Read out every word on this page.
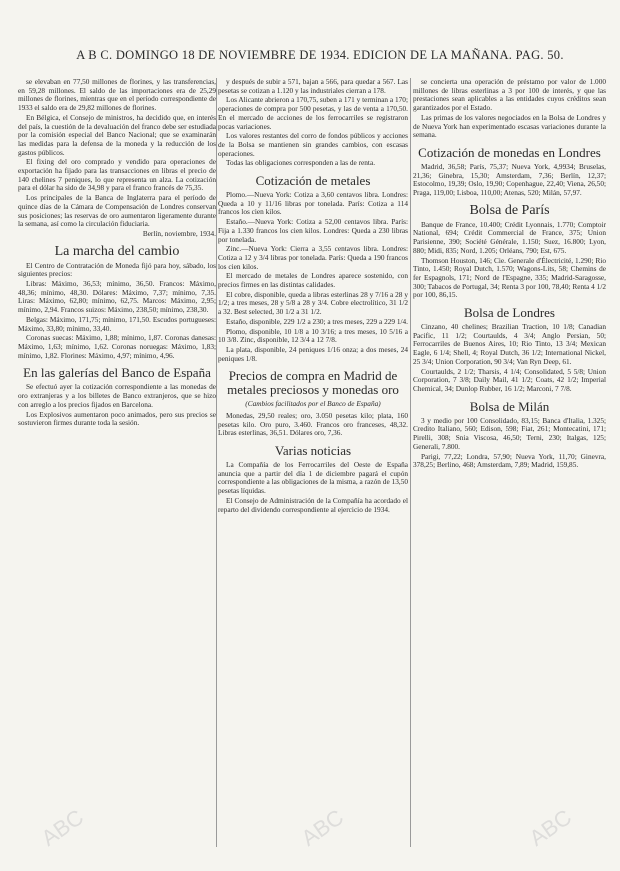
A B C. DOMINGO 18 DE NOVIEMBRE DE 1934. EDICION DE LA MAÑANA. PAG. 50.

se elevaban en 77,50 millones de florines, y las transferencias, en 59,28 millones. El saldo de las importaciones era de 25,29 millones de florines, mientras que en el período correspondiente de 1933 el saldo era de 29,82 millones de florines.

En Bélgica, el Consejo de ministros, ha decidido que, en interés del país, la cuestión de la devaluación del franco debe ser estudiada por la comisión especial del Banco Nacional; que se examinarán las medidas para la defensa de la moneda y la reducción de los gastos públicos.

El fixing del oro comprado y vendido para operaciones de exportación ha fijado para las transacciones en libras el precio de 140 chelines 7 peniques, lo que representa un alza. La cotización para el dólar ha sido de 34,98 y para el franco francés de 75,35.

Los principales de la Banca de Inglaterra para el período de quince días de la Cámara de Compensación de Londres conservan sus posiciones; las reservas de oro aumentaron ligeramente durante la semana, así como la circulación fiduciaria.

Berlín, noviembre, 1934.
La marcha del cambio

El Centro de Contratación de Moneda fijó para hoy, sábado, los siguientes precios:

Libras: Máximo, 36,53; mínimo, 36,50. Francos: Máximo, 48,36; mínimo, 48,30. Dólares: Máximo, 7,37; mínimo, 7,35. Liras: Máximo, 62,80; mínimo, 62,75. Marcos: Máximo, 2,95; mínimo, 2,94. Francos suizos: Máximo, 238,50; mínimo, 238,30.

Belgas: Máximo, 171,75; mínimo, 171,50. Escudos portugueses: Máximo, 33,80; mínimo, 33,40.

Coronas suecas: Máximo, 1,88; mínimo, 1,87. Coronas danesas: Máximo, 1,63; mínimo, 1,62. Coronas noruegas: Máximo, 1,83; mínimo, 1,82. Florines: Máximo, 4,97; mínimo, 4,96.

En las galerías del Banco de España

Se efectuó ayer la cotización correspondiente a las monedas de oro extranjeras y a los billetes de Banco extranjeros, que se hizo con arreglo a los precios fijados en Barcelona.

Los Explosivos aumentaron poco animados, pero sus precios se sostuvieron firmes durante toda la sesión.

y después de subir a 571, bajan a 566, para quedar a 567. Las pesetas se cotizan a 1.120 y las industriales cierran a 178.

Los Alicante abrieron a 170,75, suben a 171 y terminan a 170; operaciones de compra por 500 pesetas, y las de venta a 170,50. En el mercado de acciones de los ferrocarriles se registraron pocas variaciones.

Los valores restantes del corro de fondos públicos y acciones de la Bolsa se mantienen sin grandes cambios, con escasas operaciones.

Todas las obligaciones corresponden a las de renta.

Cotización de metales

Plomo.—Nueva York: Cotiza a 3,60 centavos libra. Londres: Queda a 10 y 11/16 libras por tonelada. París: Cotiza a 114 francos los cien kilos.

Estaño.—Nueva York: Cotiza a 52,00 centavos libra. París: Fija a 1.330 francos los cien kilos. Londres: Queda a 230 libras por tonelada.

Zinc.—Nueva York: Cierra a 3,55 centavos libra. Londres: Cotiza a 12 y 3/4 libras por tonelada. París: Queda a 190 francos los cien kilos.

El mercado de metales de Londres aparece sostenido, con precios firmes en las distintas calidades.

El cobre, disponible, queda a libras esterlinas 28 y 7/16 a 28 y 1/2; a tres meses, 28 y 5/8 a 28 y 3/4. Cobre electrolítico, 31 1/2 a 32. Best selected, 30 1/2 a 31 1/2.

Estaño, disponible, 229 1/2 a 230; a tres meses, 229 a 229 1/4.

Plomo, disponible, 10 1/8 a 10 3/16; a tres meses, 10 5/16 a 10 3/8. Zinc, disponible, 12 3/4 a 12 7/8.

La plata, disponible, 24 peniques 1/16 onza; a dos meses, 24 peniques 1/8.

Precios de compra en Madrid de metales preciosos y monedas oro
(Cambios facilitados por el Banco de España)

Monedas, 29,50 reales; oro, 3.050 pesetas kilo; plata, 160 pesetas kilo. Oro puro, 3.460. Francos oro franceses, 48,32. Libras esterlinas, 36,51. Dólares oro, 7,36.

Varias noticias

La Compañía de los Ferrocarriles del Oeste de España anuncia que a partir del día 1 de diciembre pagará el cupón correspondiente a las obligaciones de la misma, a razón de 13,50 pesetas líquidas.

El Consejo de Administración de la Compañía ha acordado el reparto del dividendo correspondiente al ejercicio de 1934.

se concierta una operación de préstamo por valor de 1.000 millones de libras esterlinas a 3 por 100 de interés, y que las prestaciones sean aplicables a las entidades cuyos créditos sean garantizados por el Estado.

Las primas de los valores negociados en la Bolsa de Londres y de Nueva York han experimentado escasas variaciones durante la semana.

Cotización de monedas en Londres

Madrid, 36,58; París, 75,37; Nueva York, 4,9934; Bruselas, 21,36; Ginebra, 15,30; Amsterdam, 7,36; Berlín, 12,37; Estocolmo, 19,39; Oslo, 19,90; Copenhague, 22,40; Viena, 26,50; Praga, 119,00; Lisboa, 110,00; Atenas, 520; Milán, 57,97.

Bolsa de París

Banque de France, 10.400; Crédit Lyonnais, 1.770; Comptoir National, 694; Crédit Commercial de France, 375; Union Parisienne, 390; Société Générale, 1.150; Suez, 16.800; Lyon, 880; Midi, 835; Nord, 1.205; Orléans, 790; Est, 675.

Thomson Houston, 146; Cie. Generale d'Électricité, 1.290; Rio Tinto, 1.450; Royal Dutch, 1.570; Wagons-Lits, 58; Chemins de fer Espagnols, 171; Nord de l'Espagne, 335; Madrid-Saragosse, 300; Tabacos de Portugal, 34; Renta 3 por 100, 78,40; Renta 4 1/2 por 100, 86,15.

Bolsa de Londres

Cinzano, 40 chelines; Brazilian Traction, 10 1/8; Canadian Pacific, 11 1/2; Courtaulds, 4 3/4; Anglo Persian, 50; Ferrocarriles de Buenos Aires, 10; Rio Tinto, 13 3/4; Mexican Eagle, 6 1/4; Shell, 4; Royal Dutch, 36 1/2; International Nickel, 25 3/4; Union Corporation, 90 3/4; Van Ryn Deep, 61.

Courtaulds, 2 1/2; Tharsis, 4 1/4; Consolidated, 5 5/8; Union Corporation, 7 3/8; Daily Mail, 41 1/2; Coats, 42 1/2; Imperial Chemical, 34; Dunlop Rubber, 16 1/2; Marconi, 7 7/8.

Bolsa de Milán

3 y medio por 100 Consolidado, 83,15; Banca d'Italia, 1.325; Credito Italiano, 560; Edison, 598; Fiat, 261; Montecatini, 171; Pirelli, 308; Snia Viscosa, 46,50; Terni, 230; Italgas, 125; Generali, 7.800.

Parigi, 77,22; Londra, 57,90; Nueva York, 11,70; Ginevra, 378,25; Berlino, 468; Amsterdam, 7,89; Madrid, 159,85.

ABC	ABC	ABC
